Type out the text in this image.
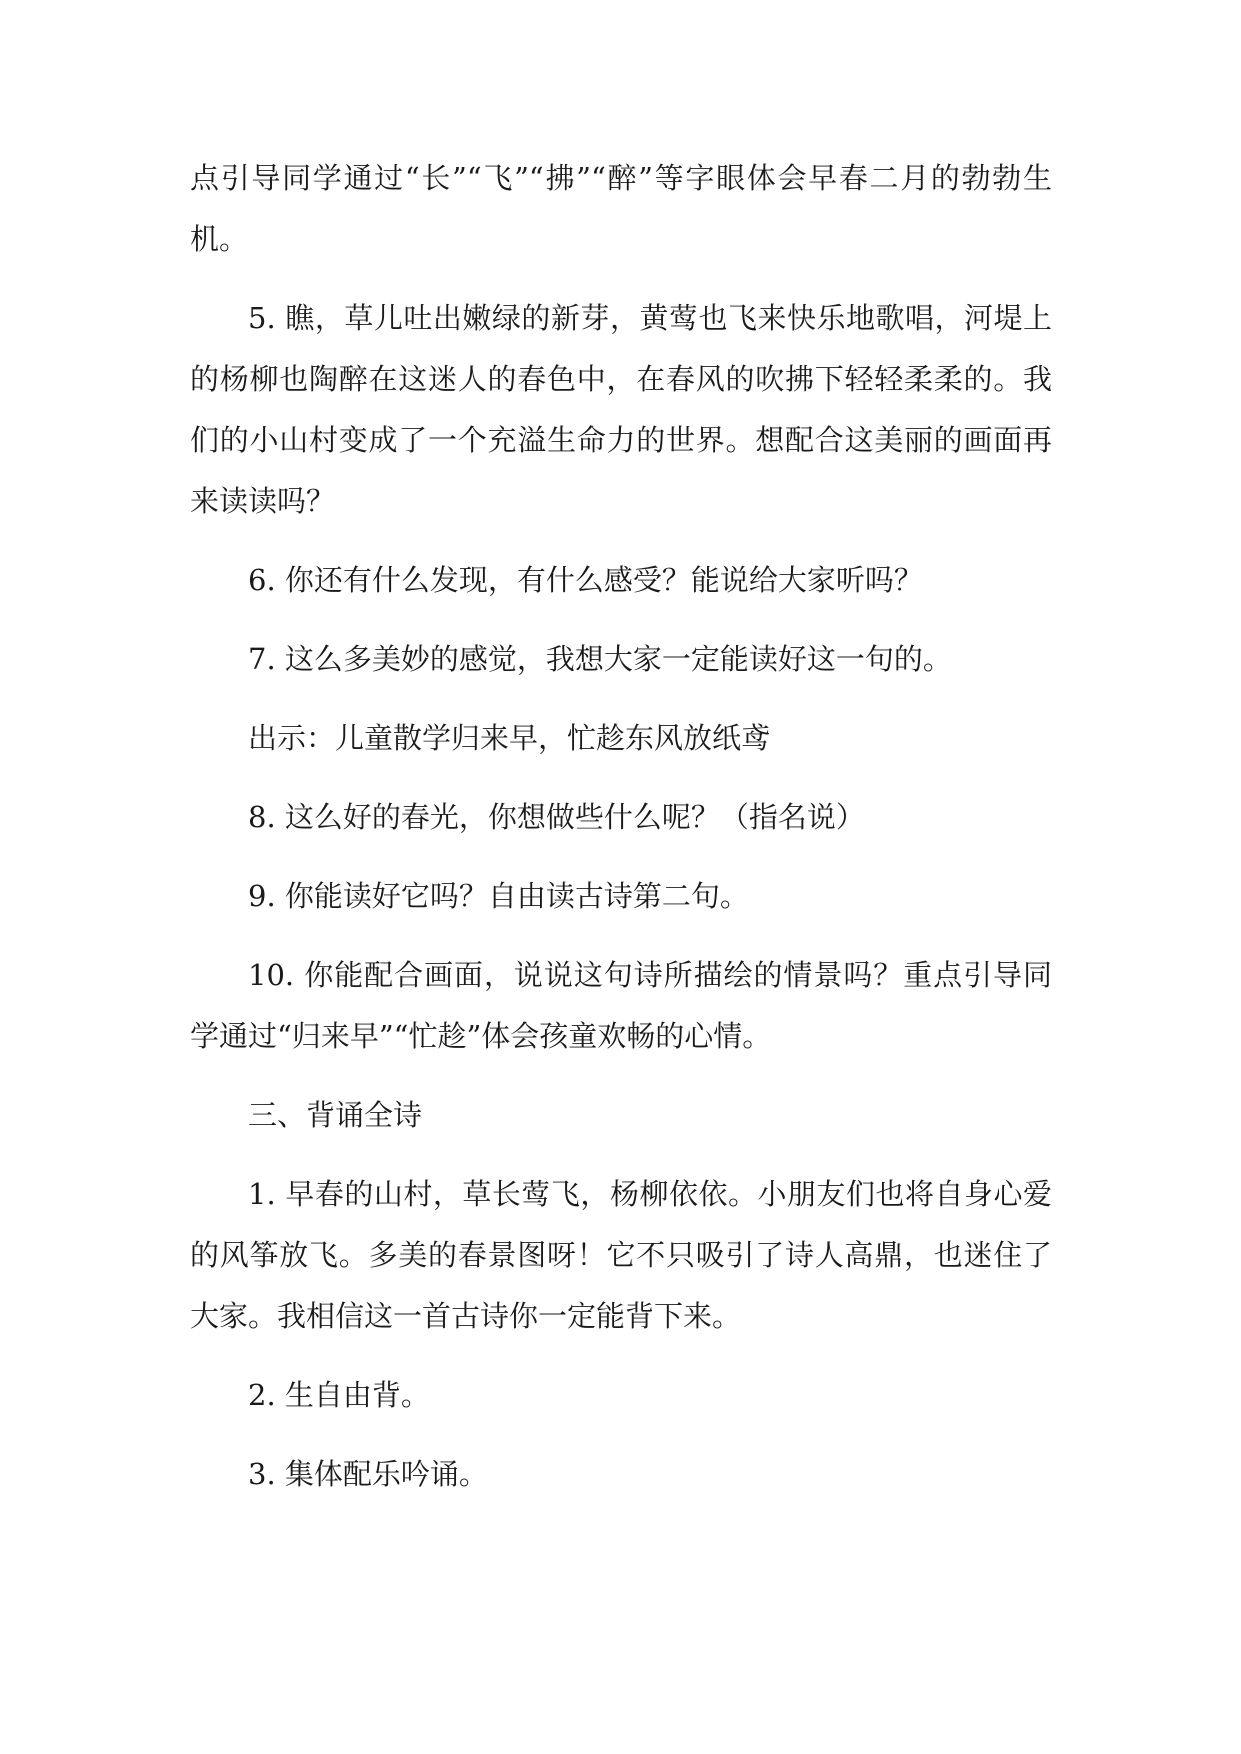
点引导同学通过“长”“飞”“拂”“醉”等字眼体会早春二月的勃勃生机。

5. 瞧，草儿吐出嫩绿的新芽，黄莺也飞来快乐地歌唱，河堤上的杨柳也陶醉在这迷人的春色中，在春风的吹拂下轻轻柔柔的。我们的小山村变成了一个充溢生命力的世界。想配合这美丽的画面再来读读吗？

6. 你还有什么发现，有什么感受？能说给大家听吗？

7. 这么多美妙的感觉，我想大家一定能读好这一句的。

出示：儿童散学归来早，忙趁东风放纸鸢

8. 这么好的春光，你想做些什么呢？（指名说）

9. 你能读好它吗？自由读古诗第二句。

10. 你能配合画面，说说这句诗所描绘的情景吗？重点引导同学通过“归来早”“忙趁”体会孩童欢畅的心情。

三、背诵全诗

1. 早春的山村，草长莺飞，杨柳依依。小朋友们也将自身心爱的风筝放飞。多美的春景图呀！它不只吸引了诗人高鼎，也迷住了大家。我相信这一首古诗你一定能背下来。

2. 生自由背。

3. 集体配乐吟诵。
